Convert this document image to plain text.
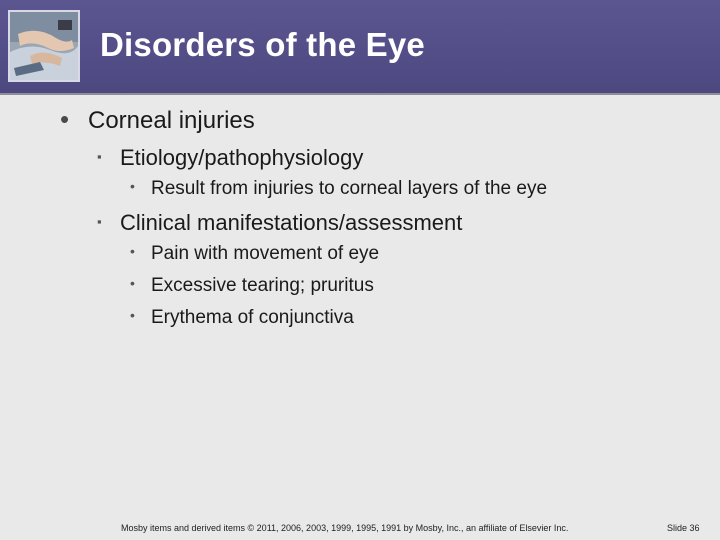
Disorders of the Eye
• Corneal injuries
▪ Etiology/pathophysiology
• Result from injuries to corneal layers of the eye
▪ Clinical manifestations/assessment
• Pain with movement of eye
• Excessive tearing; pruritus
• Erythema of conjunctiva
Mosby items and derived items © 2011, 2006, 2003, 1999, 1995, 1991 by Mosby, Inc., an affiliate of Elsevier Inc.	Slide 36
